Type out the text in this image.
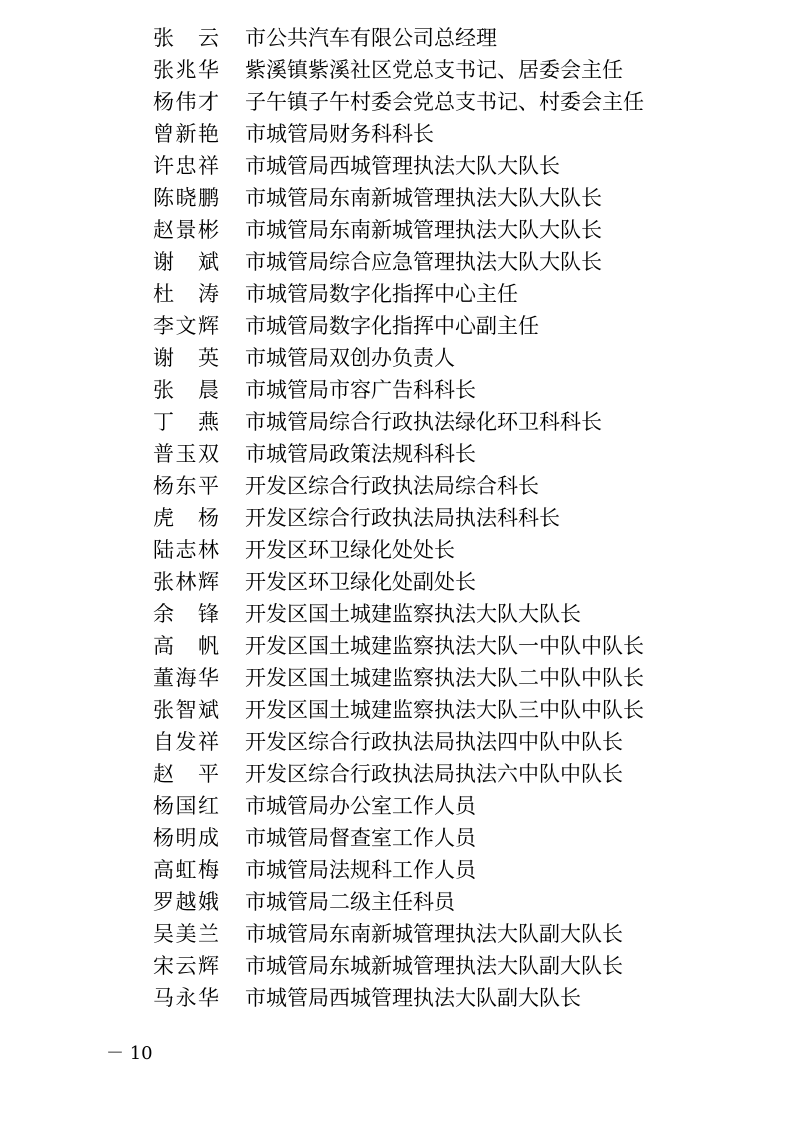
张 云 市公共汽车有限公司总经理
张兆华 紫溪镇紫溪社区党总支书记、居委会主任
杨伟才 子午镇子午村委会党总支书记、村委会主任
曾新艳 市城管局财务科科长
许忠祥 市城管局西城管理执法大队大队长
陈晓鹏 市城管局东南新城管理执法大队大队长
赵景彬 市城管局东南新城管理执法大队大队长
谢 斌 市城管局综合应急管理执法大队大队长
杜 涛 市城管局数字化指挥中心主任
李文辉 市城管局数字化指挥中心副主任
谢 英 市城管局双创办负责人
张 晨 市城管局市容广告科科长
丁 燕 市城管局综合行政执法绿化环卫科科长
普玉双 市城管局政策法规科科长
杨东平 开发区综合行政执法局综合科长
虎 杨 开发区综合行政执法局执法科科长
陆志林 开发区环卫绿化处处长
张林辉 开发区环卫绿化处副处长
余 锋 开发区国土城建监察执法大队大队长
高 帆 开发区国土城建监察执法大队一中队中队长
董海华 开发区国土城建监察执法大队二中队中队长
张智斌 开发区国土城建监察执法大队三中队中队长
自发祥 开发区综合行政执法局执法四中队中队长
赵 平 开发区综合行政执法局执法六中队中队长
杨国红 市城管局办公室工作人员
杨明成 市城管局督查室工作人员
高虹梅 市城管局法规科工作人员
罗越娥 市城管局二级主任科员
吴美兰 市城管局东南新城管理执法大队副大队长
宋云辉 市城管局东城新城管理执法大队副大队长
马永华 市城管局西城管理执法大队副大队长
－ 10
